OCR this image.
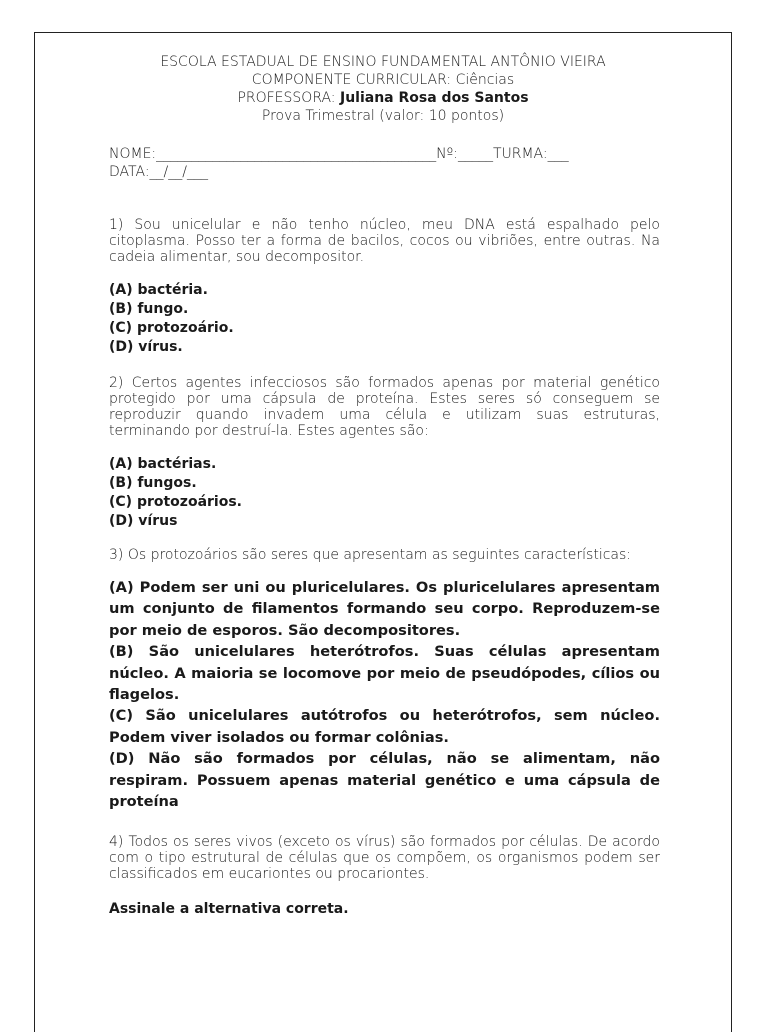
ESCOLA ESTADUAL DE ENSINO FUNDAMENTAL ANTÔNIO VIEIRA
COMPONENTE CURRICULAR: Ciências
PROFESSORA: Juliana Rosa dos Santos
Prova Trimestral (valor: 10 pontos)
NOME:________________________________________Nº:_____TURMA:___
DATA:__/__/___

1) Sou unicelular e não tenho núcleo, meu DNA está espalhado pelo citoplasma. Posso ter a forma de bacilos, cocos ou vibriões, entre outras. Na cadeia alimentar, sou decompositor.

(A) bactéria.
(B) fungo.
(C) protozoário.
(D) vírus.

2) Certos agentes infecciosos são formados apenas por material genético protegido por uma cápsula de proteína. Estes seres só conseguem se reproduzir quando invadem uma célula e utilizam suas estruturas, terminando por destruí-la. Estes agentes são:

(A) bactérias.
(B) fungos.
(C) protozoários.
(D) vírus

3) Os protozoários são seres que apresentam as seguintes características:

(A) Podem ser uni ou pluricelulares. Os pluricelulares apresentam um conjunto de filamentos formando seu corpo. Reproduzem-se por meio de esporos. São decompositores.

(B) São unicelulares heterótrofos. Suas células apresentam núcleo. A maioria se locomove por meio de pseudópodes, cílios ou flagelos.

(C) São unicelulares autótrofos ou heterótrofos, sem núcleo. Podem viver isolados ou formar colônias.

(D) Não são formados por células, não se alimentam, não respiram. Possuem apenas material genético e uma cápsula de proteína

4) Todos os seres vivos (exceto os vírus) são formados por células. De acordo com o tipo estrutural de células que os compõem, os organismos podem ser classificados em eucariontes ou procariontes.

Assinale a alternativa correta.
